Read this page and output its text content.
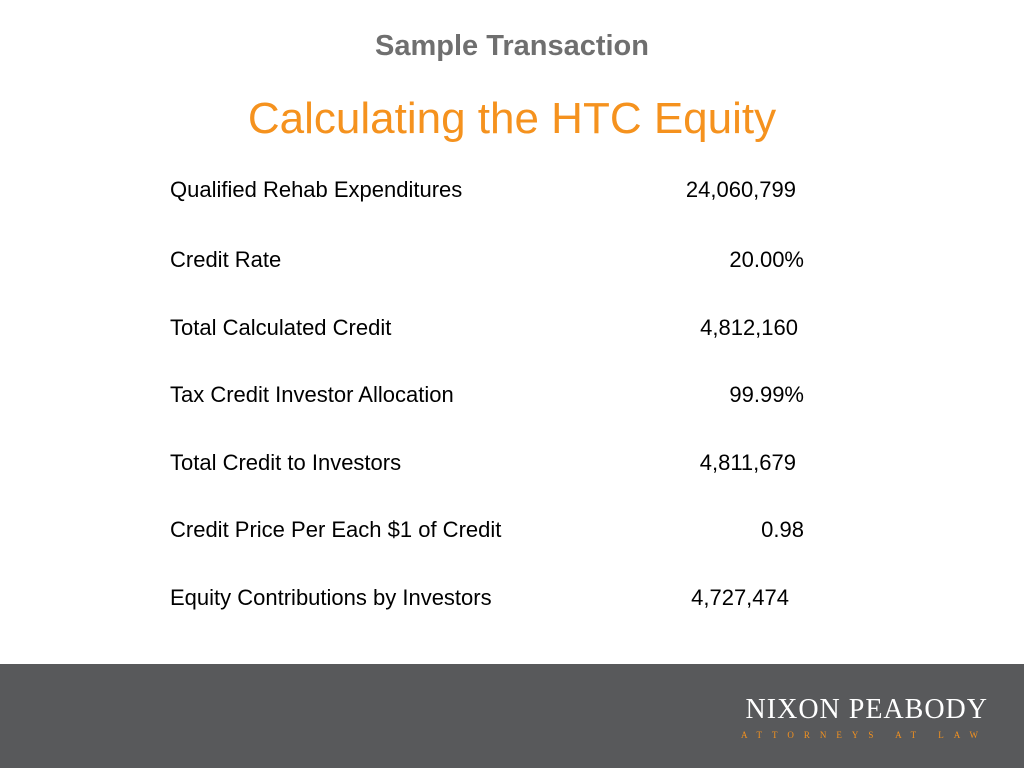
Sample Transaction
Calculating the HTC Equity
Qualified Rehab Expenditures	24,060,799
Credit Rate	20.00%
Total Calculated Credit	4,812,160
Tax Credit Investor Allocation	99.99%
Total Credit to Investors	4,811,679
Credit Price Per Each $1 of Credit	0.98
Equity Contributions by Investors	4,727,474
NIXON PEABODY
ATTORNEYS AT LAW
